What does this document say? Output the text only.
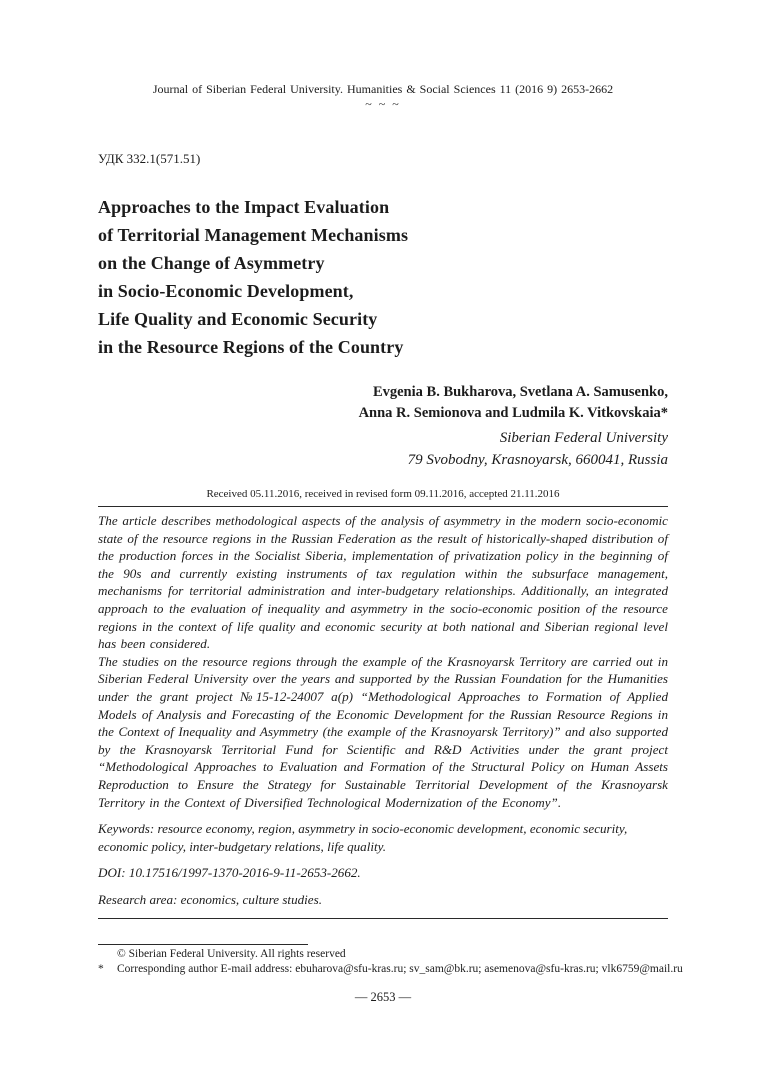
Journal of Siberian Federal University. Humanities & Social Sciences 11 (2016 9) 2653-2662
~ ~ ~
УДК 332.1(571.51)
Approaches to the Impact Evaluation
of Territorial Management Mechanisms
on the Change of Asymmetry
in Socio-Economic Development,
Life Quality and Economic Security
in the Resource Regions of the Country
Evgenia B. Bukharova, Svetlana A. Samusenko,
Anna R. Semionova and Ludmila K. Vitkovskaia*
Siberian Federal University
79 Svobodny, Krasnoyarsk, 660041, Russia
Received 05.11.2016, received in revised form 09.11.2016, accepted 21.11.2016

The article describes methodological aspects of the analysis of asymmetry in the modern socio-economic state of the resource regions in the Russian Federation as the result of historically-shaped distribution of the production forces in the Socialist Siberia, implementation of privatization policy in the beginning of the 90s and currently existing instruments of tax regulation within the subsurface management, mechanisms for territorial administration and inter-budgetary relationships. Additionally, an integrated approach to the evaluation of inequality and asymmetry in the socio-economic position of the resource regions in the context of life quality and economic security at both national and Siberian regional level has been considered.

The studies on the resource regions through the example of the Krasnoyarsk Territory are carried out in Siberian Federal University over the years and supported by the Russian Foundation for the Humanities under the grant project №15-12-24007 a(p) “Methodological Approaches to Formation of Applied Models of Analysis and Forecasting of the Economic Development for the Russian Resource Regions in the Context of Inequality and Asymmetry (the example of the Krasnoyarsk Territory)” and also supported by the Krasnoyarsk Territorial Fund for Scientific and R&D Activities under the grant project “Methodological Approaches to Evaluation and Formation of the Structural Policy on Human Assets Reproduction to Ensure the Strategy for Sustainable Territorial Development of the Krasnoyarsk Territory in the Context of Diversified Technological Modernization of the Economy”.

Keywords: resource economy, region, asymmetry in socio-economic development, economic security, economic policy, inter-budgetary relations, life quality.
DOI: 10.17516/1997-1370-2016-9-11-2653-2662.
Research area: economics, culture studies.
© Siberian Federal University. All rights reserved
*	Corresponding author E-mail address: ebuharova@sfu-kras.ru; sv_sam@bk.ru; asemenova@sfu-kras.ru; vlk6759@mail.ru
— 2653 —
